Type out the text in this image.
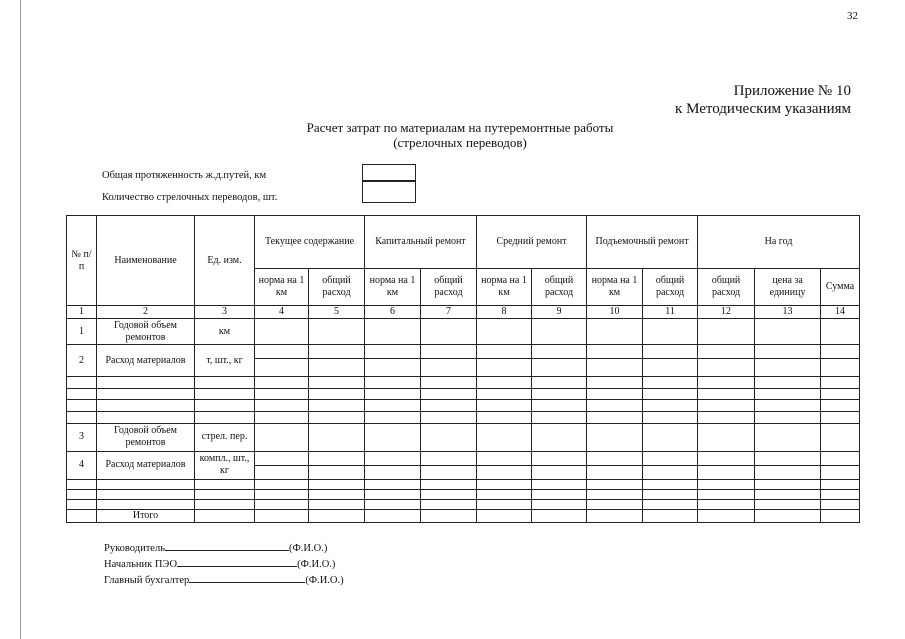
32
Приложение № 10
к Методическим указаниям
Расчет затрат по материалам на путеремонтные работы
(стрелочных переводов)
Общая протяженность ж.д.путей, км
Количество стрелочных переводов, шт.
№ п/п	Наименование	Ед. изм.	Текущее содержание		Капитальный ремонт		Средний ремонт		Подъемочный ремонт		На год		
			норма на 1 км	общий расход	норма на 1 км	общий расход	норма на 1 км	общий расход	норма на 1 км	общий расход	общий расход	цена за единицу	Сумма
1	2	3	4	5	6	7	8	9	10	11	12	13	14
1	Годовой объем ремонтов	км											
2	Расход материалов	т, шт., кг											

3	Годовой объем ремонтов	стрел. пер.											
4	Расход материалов	компл., шт., кг											

	Итого												
Руководитель	(Ф.И.О.)
Начальник ПЭО	(Ф.И.О.)
Главный бухгалтер	(Ф.И.О.)
